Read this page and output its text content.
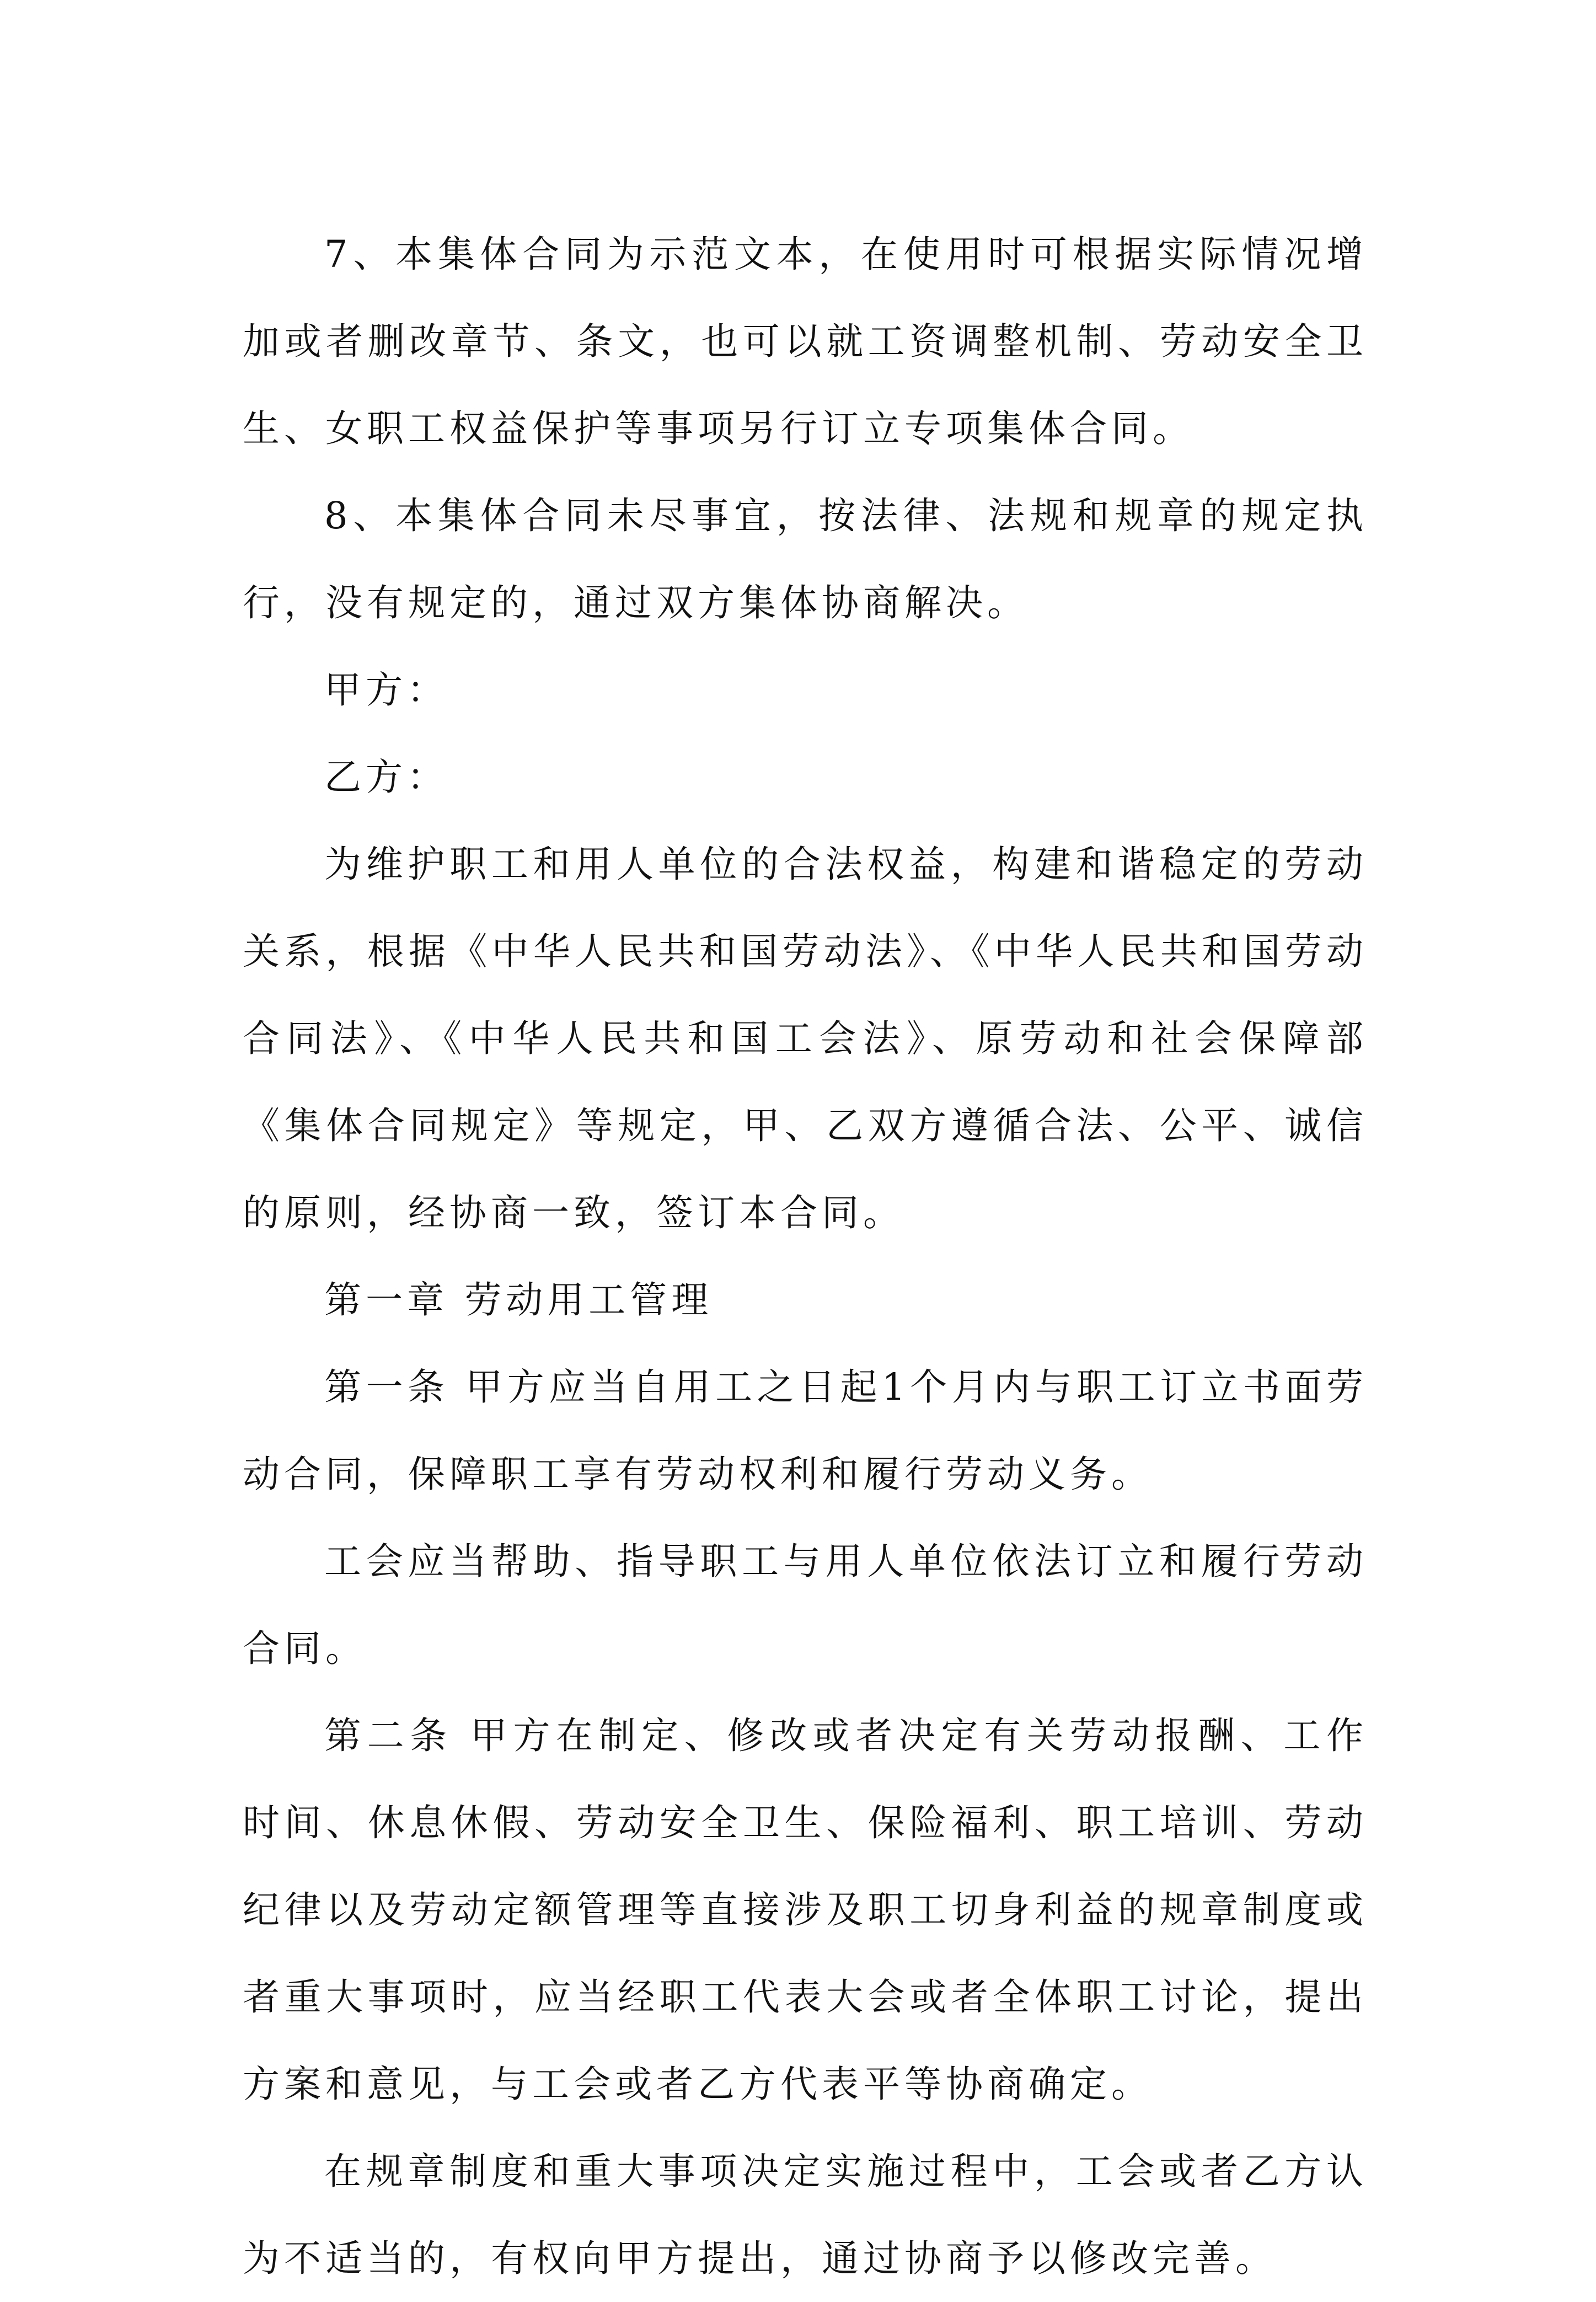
7、本集体合同为示范文本，在使用时可根据实际情况增加或者删改章节、条文，也可以就工资调整机制、劳动安全卫生、女职工权益保护等事项另行订立专项集体合同。

8、本集体合同未尽事宜，按法律、法规和规章的规定执行，没有规定的，通过双方集体协商解决。

甲方：

乙方：

为维护职工和用人单位的合法权益，构建和谐稳定的劳动关系，根据《中华人民共和国劳动法》、《中华人民共和国劳动合同法》、《中华人民共和国工会法》、原劳动和社会保障部《集体合同规定》等规定，甲、乙双方遵循合法、公平、诚信的原则，经协商一致，签订本合同。

第一章 劳动用工管理

第一条 甲方应当自用工之日起1个月内与职工订立书面劳动合同，保障职工享有劳动权利和履行劳动义务。

工会应当帮助、指导职工与用人单位依法订立和履行劳动合同。

第二条 甲方在制定、修改或者决定有关劳动报酬、工作时间、休息休假、劳动安全卫生、保险福利、职工培训、劳动纪律以及劳动定额管理等直接涉及职工切身利益的规章制度或者重大事项时，应当经职工代表大会或者全体职工讨论，提出方案和意见，与工会或者乙方代表平等协商确定。

在规章制度和重大事项决定实施过程中，工会或者乙方认为不适当的，有权向甲方提出，通过协商予以修改完善。
